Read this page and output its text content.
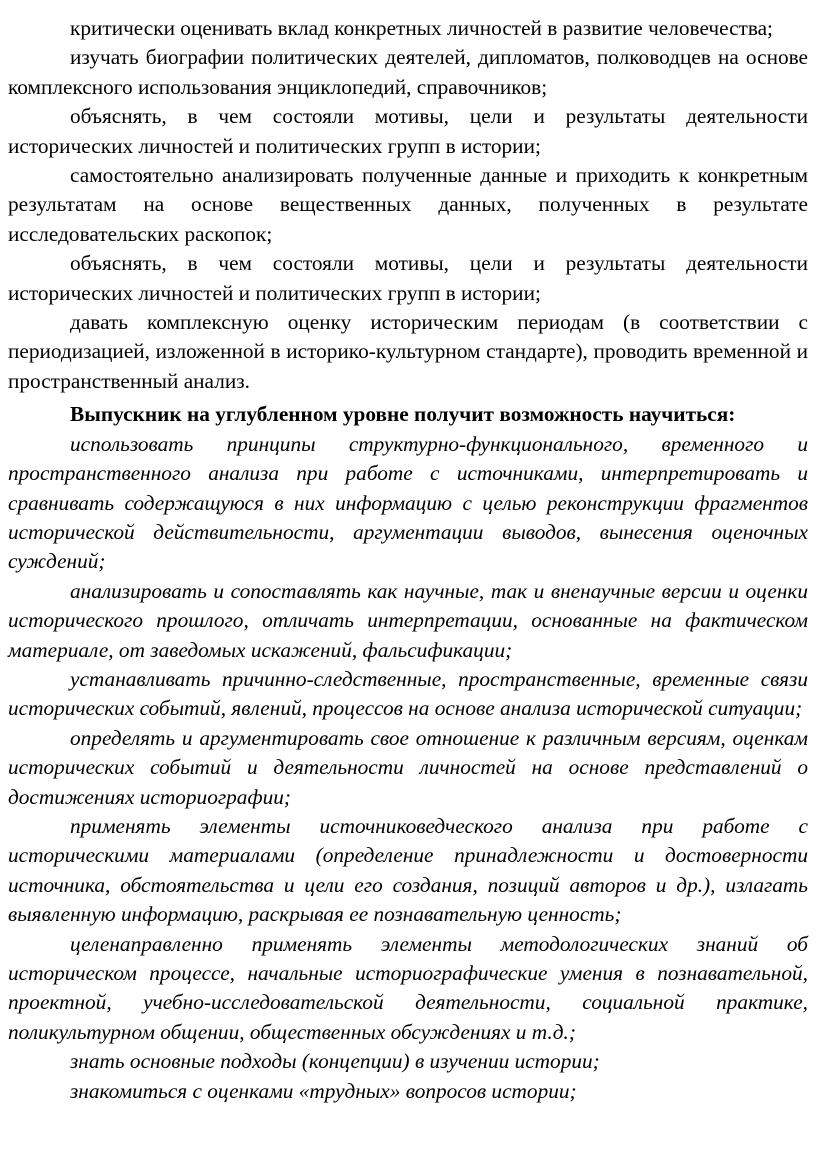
критически оценивать вклад конкретных личностей в развитие человечества;

изучать биографии политических деятелей, дипломатов, полководцев на основе комплексного использования энциклопедий, справочников;

объяснять, в чем состояли мотивы, цели и результаты деятельности исторических личностей и политических групп в истории;

самостоятельно анализировать полученные данные и приходить к конкретным результатам на основе вещественных данных, полученных в результате исследовательских раскопок;

объяснять, в чем состояли мотивы, цели и результаты деятельности исторических личностей и политических групп в истории;

давать комплексную оценку историческим периодам (в соответствии с периодизацией, изложенной в историко-культурном стандарте), проводить временной и пространственный анализ.

Выпускник на углубленном уровне получит возможность научиться:

использовать принципы структурно-функционального, временного и пространственного анализа при работе с источниками, интерпретировать и сравнивать содержащуюся в них информацию с целью реконструкции фрагментов исторической действительности, аргументации выводов, вынесения оценочных суждений;

анализировать и сопоставлять как научные, так и вненаучные версии и оценки исторического прошлого, отличать интерпретации, основанные на фактическом материале, от заведомых искажений, фальсификации;

устанавливать причинно-следственные, пространственные, временные связи исторических событий, явлений, процессов на основе анализа исторической ситуации;

определять и аргументировать свое отношение к различным версиям, оценкам исторических событий и деятельности личностей на основе представлений о достижениях историографии;

применять элементы источниковедческого анализа при работе с историческими материалами (определение принадлежности и достоверности источника, обстоятельства и цели его создания, позиций авторов и др.), излагать выявленную информацию, раскрывая ее познавательную ценность;

целенаправленно применять элементы методологических знаний об историческом процессе, начальные историографические умения в познавательной, проектной, учебно-исследовательской деятельности, социальной практике, поликультурном общении, общественных обсуждениях и т.д.;

знать основные подходы (концепции) в изучении истории;

знакомиться с оценками «трудных» вопросов истории;
